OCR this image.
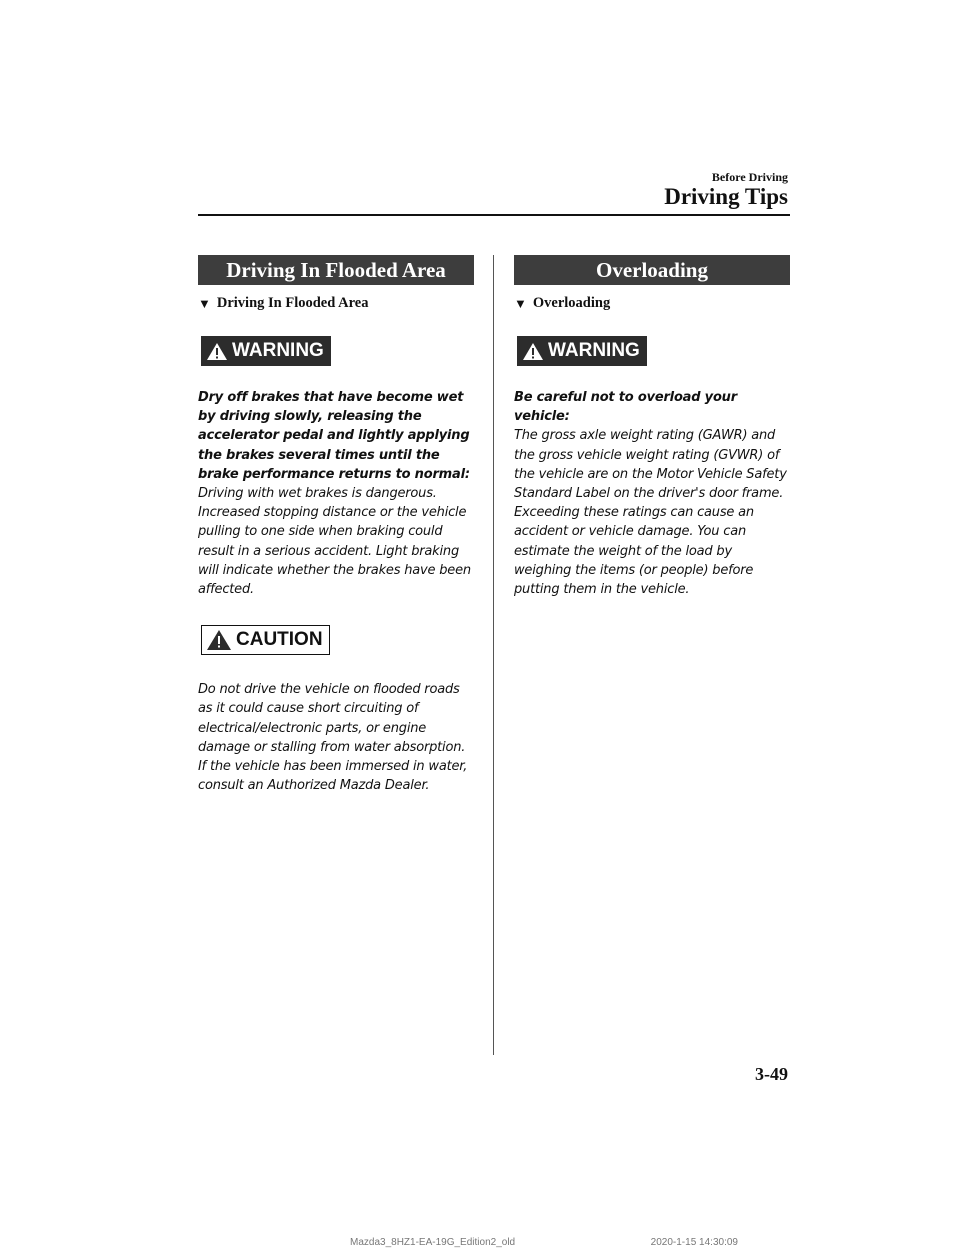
Before Driving
Driving Tips
Driving In Flooded Area
▼ Driving In Flooded Area
WARNING

Dry off brakes that have become wet by driving slowly, releasing the accelerator pedal and lightly applying the brakes several times until the brake performance returns to normal:

Driving with wet brakes is dangerous. Increased stopping distance or the vehicle pulling to one side when braking could result in a serious accident. Light braking will indicate whether the brakes have been affected.

CAUTION

Do not drive the vehicle on flooded roads as it could cause short circuiting of electrical/electronic parts, or engine damage or stalling from water absorption. If the vehicle has been immersed in water, consult an Authorized Mazda Dealer.

Overloading
▼ Overloading
WARNING

Be careful not to overload your vehicle:

The gross axle weight rating (GAWR) and the gross vehicle weight rating (GVWR) of the vehicle are on the Motor Vehicle Safety Standard Label on the driver's door frame. Exceeding these ratings can cause an accident or vehicle damage. You can estimate the weight of the load by weighing the items (or people) before putting them in the vehicle.

3-49
Mazda3_8HZ1-EA-19G_Edition2_old	2020-1-15 14:30:09
